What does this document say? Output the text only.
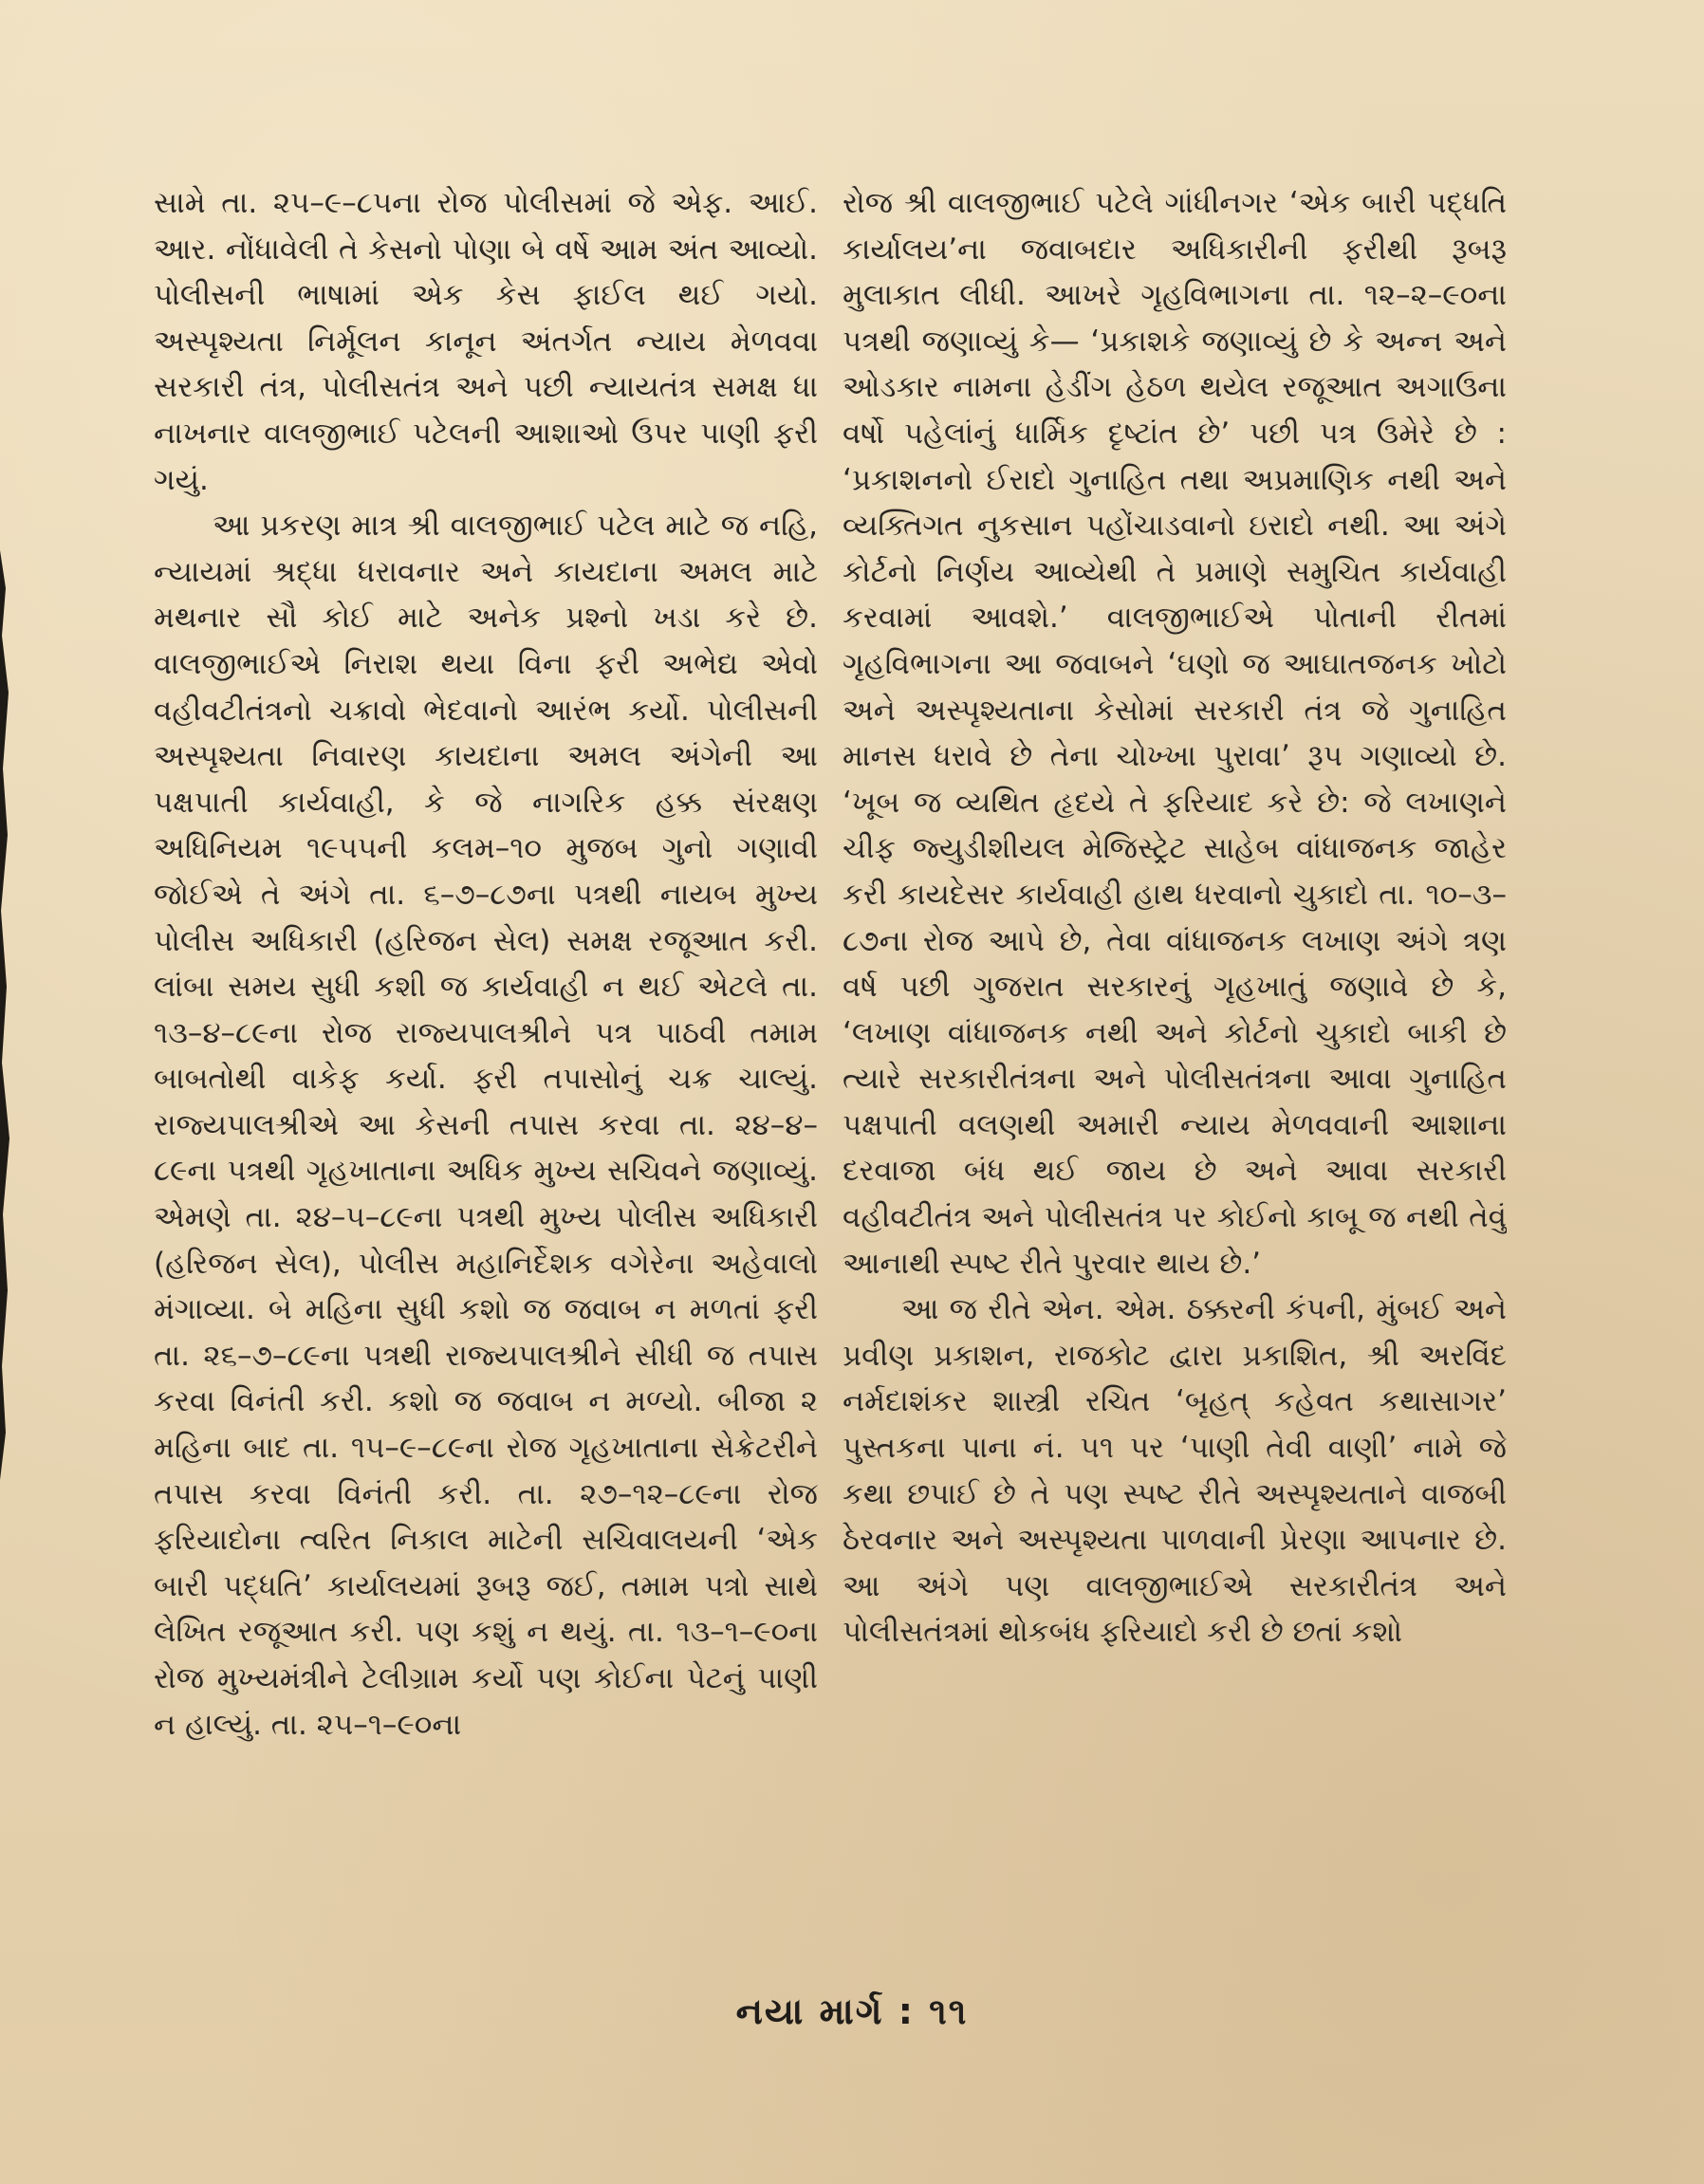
સામે તા. ૨૫–૯–૮૫ના રોજ પોલીસમાં જે એફ. આઈ. આર. નોંધાવેલી તે કેસનો પોણા બે વર્ષે આમ અંત આવ્યો. પોલીસની ભાષામાં એક કેસ ફાઈલ થઈ ગયો. અસ્પૃશ્યતા નિર્મૂલન કાનૂન અંતર્ગત ન્યાય મેળવવા સરકારી તંત્ર, પોલીસતંત્ર અને પછી ન્યાયતંત્ર સમક્ષ ધા નાખનાર વાલજીભાઈ પટેલની આશાઓ ઉપર પાણી ફરી ગયું.

આ પ્રકરણ માત્ર શ્રી વાલજીભાઈ પટેલ માટે જ નહિ, ન્યાયમાં શ્રદ્ધા ધરાવનાર અને કાયદાના અમલ માટે મથનાર સૌ કોઈ માટે અનેક પ્રશ્નો ખડા કરે છે. વાલજીભાઈએ નિરાશ થયા વિના ફરી અભેદ્ય એવો વહીવટીતંત્રનો ચક્રાવો ભેદવાનો આરંભ કર્યો. પોલીસની અસ્પૃશ્યતા નિવારણ કાયદાના અમલ અંગેની આ પક્ષપાતી કાર્યવાહી, કે જે નાગરિક હક્ક સંરક્ષણ અધિનિયમ ૧૯૫૫ની કલમ–૧૦ મુજબ ગુનો ગણાવી જોઈએ તે અંગે તા. ૬–૭–૮૭ના પત્રથી નાયબ મુખ્ય પોલીસ અધિકારી (હરિજન સેલ) સમક્ષ રજૂઆત કરી. લાંબા સમય સુધી કશી જ કાર્યવાહી ન થઈ એટલે તા. ૧૩–૪–૮૯ના રોજ રાજ્યપાલશ્રીને પત્ર પાઠવી તમામ બાબતોથી વાકેફ કર્યા. ફરી તપાસોનું ચક્ર ચાલ્યું. રાજ્યપાલશ્રીએ આ કેસની તપાસ કરવા તા. ૨૪–૪–૮૯ના પત્રથી ગૃહખાતાના અધિક મુખ્ય સચિવને જણાવ્યું. એમણે તા. ૨૪–૫–૮૯ના પત્રથી મુખ્ય પોલીસ અધિકારી (હરિજન સેલ), પોલીસ મહાનિર્દેશક વગેરેના અહેવાલો મંગાવ્યા. બે મહિના સુધી કશો જ જવાબ ન મળતાં ફરી તા. ૨૬–૭–૮૯ના પત્રથી રાજ્યપાલશ્રીને સીધી જ તપાસ કરવા વિનંતી કરી. કશો જ જવાબ ન મળ્યો. બીજા ૨ મહિના બાદ તા. ૧૫–૯–૮૯ના રોજ ગૃહખાતાના સેક્રેટરીને તપાસ કરવા વિનંતી કરી. તા. ૨૭–૧૨–૮૯ના રોજ ફરિયાદોના ત્વરિત નિકાલ માટેની સચિવાલયની ‘એક બારી પદ્ધતિ’ કાર્યાલયમાં રૂબરૂ જઈ, તમામ પત્રો સાથે લેખિત રજૂઆત કરી. પણ કશું ન થયું. તા. ૧૩–૧–૯૦ના રોજ મુખ્યમંત્રીને ટેલીગ્રામ કર્યો પણ કોઈના પેટનું પાણી ન હાલ્યું. તા. ૨૫–૧–૯૦ના

રોજ શ્રી વાલજીભાઈ પટેલે ગાંધીનગર ‘એક બારી પદ્ધતિ કાર્યાલય’ના જવાબદાર અધિકારીની ફરીથી રૂબરૂ મુલાકાત લીધી. આખરે ગૃહવિભાગના તા. ૧૨–૨–૯૦ના પત્રથી જણાવ્યું કે— ‘પ્રકાશકે જણાવ્યું છે કે અન્ન અને ઓડકાર નામના હેડીંગ હેઠળ થયેલ રજૂઆત અગાઉના વર્ષો પહેલાંનું ધાર્મિક દૃષ્ટાંત છે’ પછી પત્ર ઉમેરે છે : ‘પ્રકાશનનો ઈરાદો ગુનાહિત તથા અપ્રમાણિક નથી અને વ્યક્તિગત નુકસાન પહોંચાડવાનો ઇરાદો નથી. આ અંગે કોર્ટનો નિર્ણય આવ્યેથી તે પ્રમાણે સમુચિત કાર્યવાહી કરવામાં આવશે.’ વાલજીભાઈએ પોતાની રીતમાં ગૃહવિભાગના આ જવાબને ‘ઘણો જ આઘાતજનક ખોટો અને અસ્પૃશ્યતાના કેસોમાં સરકારી તંત્ર જે ગુનાહિત માનસ ધરાવે છે તેના ચોખ્ખા પુરાવા’ રૂપ ગણાવ્યો છે. ‘ખૂબ જ વ્યથિત હૃદયે તે ફરિયાદ કરે છે: જે લખાણને ચીફ જ્યુડીશીયલ મેજિસ્ટ્રેટ સાહેબ વાંધાજનક જાહેર કરી કાયદેસર કાર્યવાહી હાથ ધરવાનો ચુકાદો તા. ૧૦–૩–૮૭ના રોજ આપે છે, તેવા વાંધાજનક લખાણ અંગે ત્રણ વર્ષ પછી ગુજરાત સરકારનું ગૃહખાતું જણાવે છે કે, ‘લખાણ વાંધાજનક નથી અને કોર્ટનો ચુકાદો બાકી છે ત્યારે સરકારીતંત્રના અને પોલીસતંત્રના આવા ગુનાહિત પક્ષપાતી વલણથી અમારી ન્યાય મેળવવાની આશાના દરવાજા બંધ થઈ જાય છે અને આવા સરકારી વહીવટીતંત્ર અને પોલીસતંત્ર પર કોઈનો કાબૂ જ નથી તેવું આનાથી સ્પષ્ટ રીતે પુરવાર થાય છે.’

આ જ રીતે એન. એમ. ઠક્કરની કંપની, મુંબઈ અને પ્રવીણ પ્રકાશન, રાજકોટ દ્વારા પ્રકાશિત, શ્રી અરવિંદ નર્મદાશંકર શાસ્ત્રી રચિત ‘બૃહત્ કહેવત કથાસાગર’ પુસ્તકના પાના નં. ૫૧ પર ‘પાણી તેવી વાણી’ નામે જે કથા છપાઈ છે તે પણ સ્પષ્ટ રીતે અસ્પૃશ્યતાને વાજબી ઠેરવનાર અને અસ્પૃશ્યતા પાળવાની પ્રેરણા આપનાર છે. આ અંગે પણ વાલજીભાઈએ સરકારીતંત્ર અને પોલીસતંત્રમાં થોકબંધ ફરિયાદો કરી છે છતાં કશો

નયા માર્ગ : ૧૧
